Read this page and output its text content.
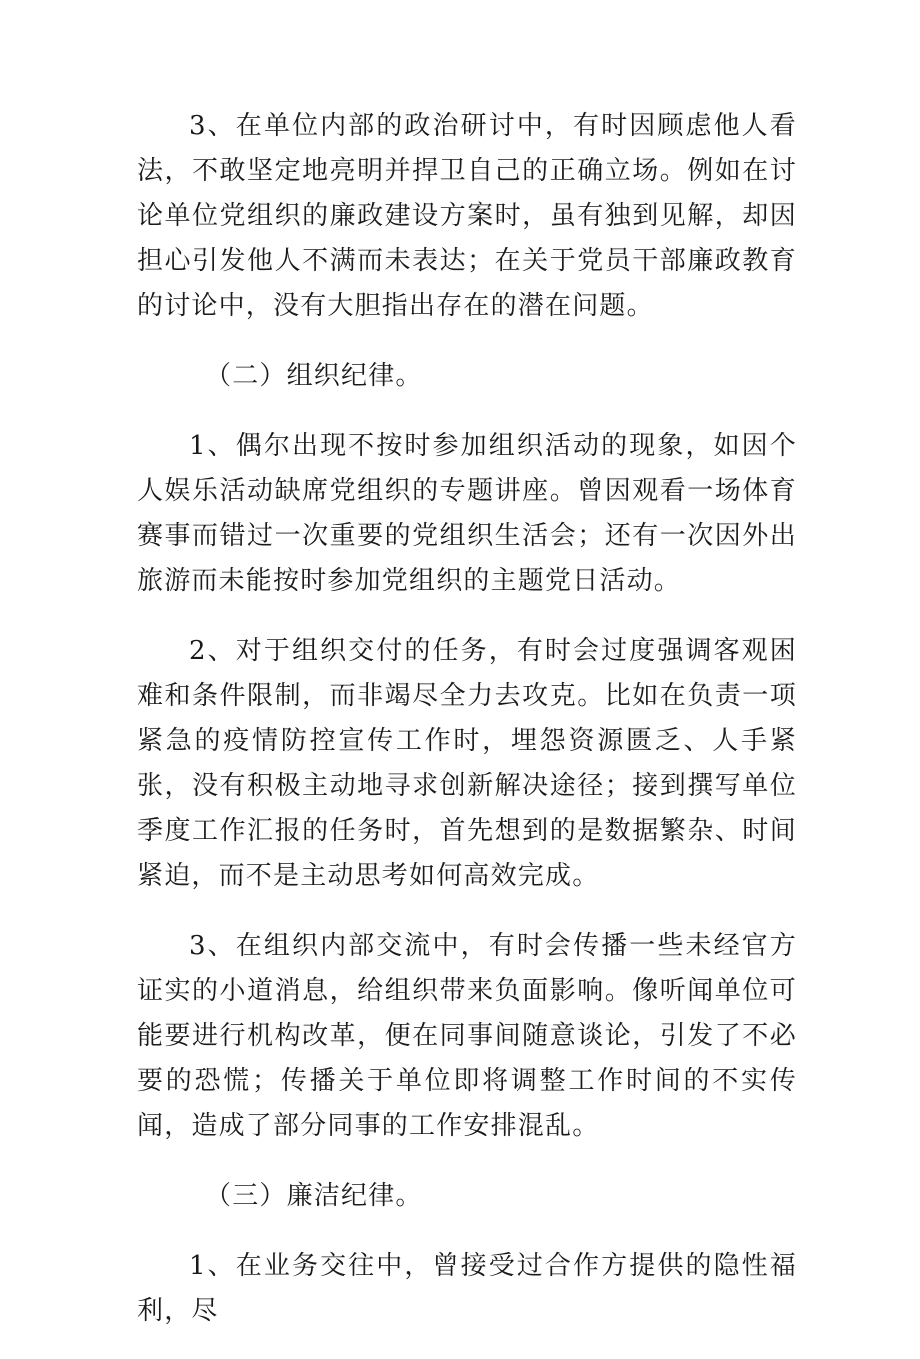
3、在单位内部的政治研讨中，有时因顾虑他人看法，不敢坚定地亮明并捍卫自己的正确立场。例如在讨论单位党组织的廉政建设方案时，虽有独到见解，却因担心引发他人不满而未表达；在关于党员干部廉政教育的讨论中，没有大胆指出存在的潜在问题。

（二）组织纪律。

1、偶尔出现不按时参加组织活动的现象，如因个人娱乐活动缺席党组织的专题讲座。曾因观看一场体育赛事而错过一次重要的党组织生活会；还有一次因外出旅游而未能按时参加党组织的主题党日活动。

2、对于组织交付的任务，有时会过度强调客观困难和条件限制，而非竭尽全力去攻克。比如在负责一项紧急的疫情防控宣传工作时，埋怨资源匮乏、人手紧张，没有积极主动地寻求创新解决途径；接到撰写单位季度工作汇报的任务时，首先想到的是数据繁杂、时间紧迫，而不是主动思考如何高效完成。

3、在组织内部交流中，有时会传播一些未经官方证实的小道消息，给组织带来负面影响。像听闻单位可能要进行机构改革，便在同事间随意谈论，引发了不必要的恐慌；传播关于单位即将调整工作时间的不实传闻，造成了部分同事的工作安排混乱。

（三）廉洁纪律。

1、在业务交往中，曾接受过合作方提供的隐性福利，尽
